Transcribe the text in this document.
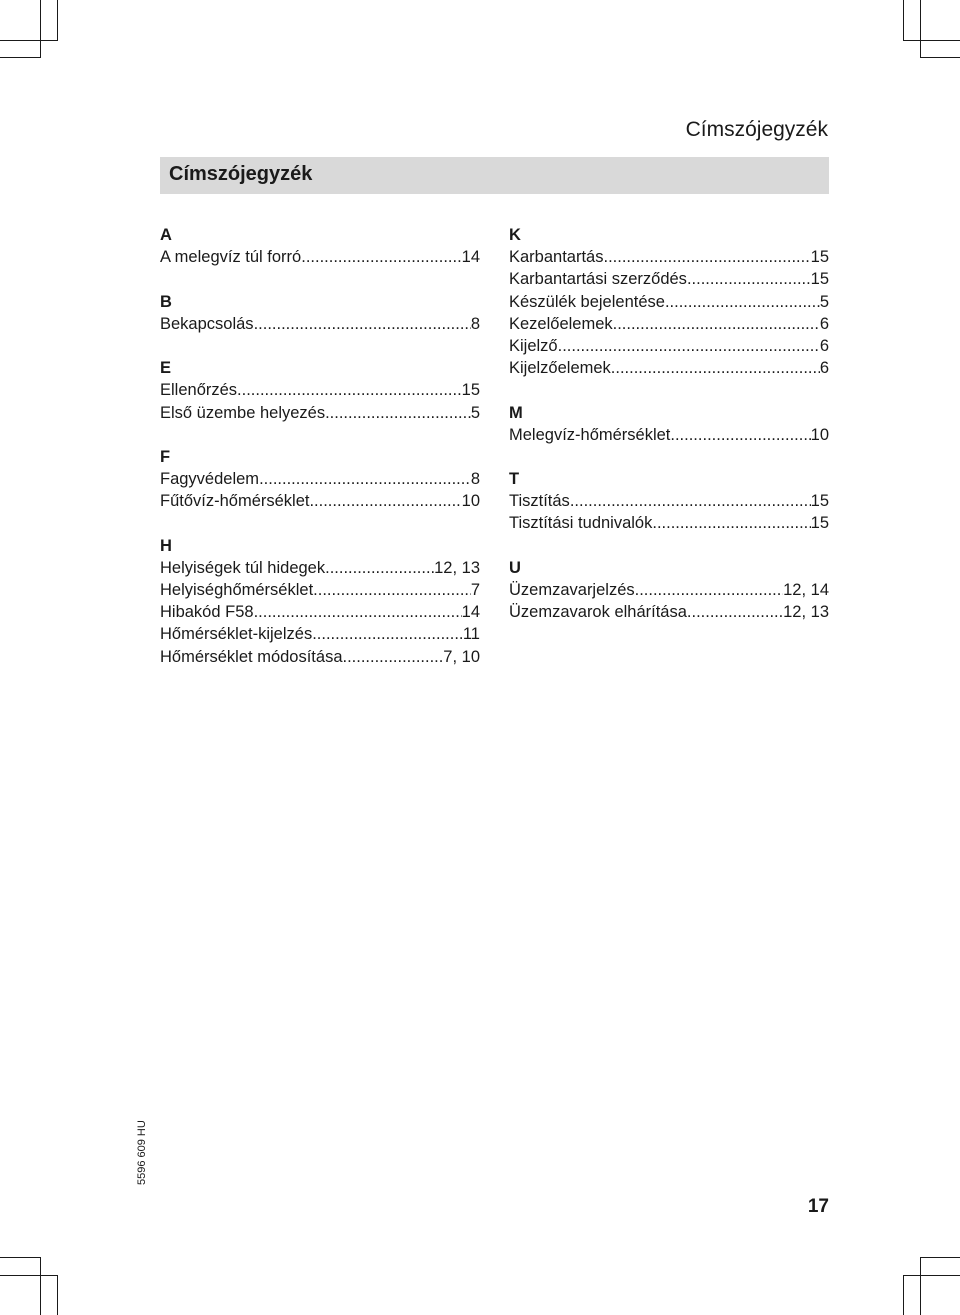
Címszójegyzék
Címszójegyzék
A
A melegvíz túl forró .....	14
B
Bekapcsolás .....	8
E
Ellenőrzés .....	15
Első üzembe helyezés .....	5
F
Fagyvédelem .....	8
Fűtővíz-hőmérséklet .....	10
H
Helyiségek túl hidegek .....	12, 13
Helyiséghőmérséklet .....	7
Hibakód F58 .....	14
Hőmérséklet-kijelzés .....	11
Hőmérséklet módosítása .....	7, 10
K
Karbantartás .....	15
Karbantartási szerződés .....	15
Készülék bejelentése .....	5
Kezelőelemek .....	6
Kijelző .....	6
Kijelzőelemek .....	6
M
Melegvíz-hőmérséklet .....	10
T
Tisztítás .....	15
Tisztítási tudnivalók .....	15
U
Üzemzavarjelzés .....	12, 14
Üzemzavarok elhárítása .....	12, 13
5596 609 HU
17
